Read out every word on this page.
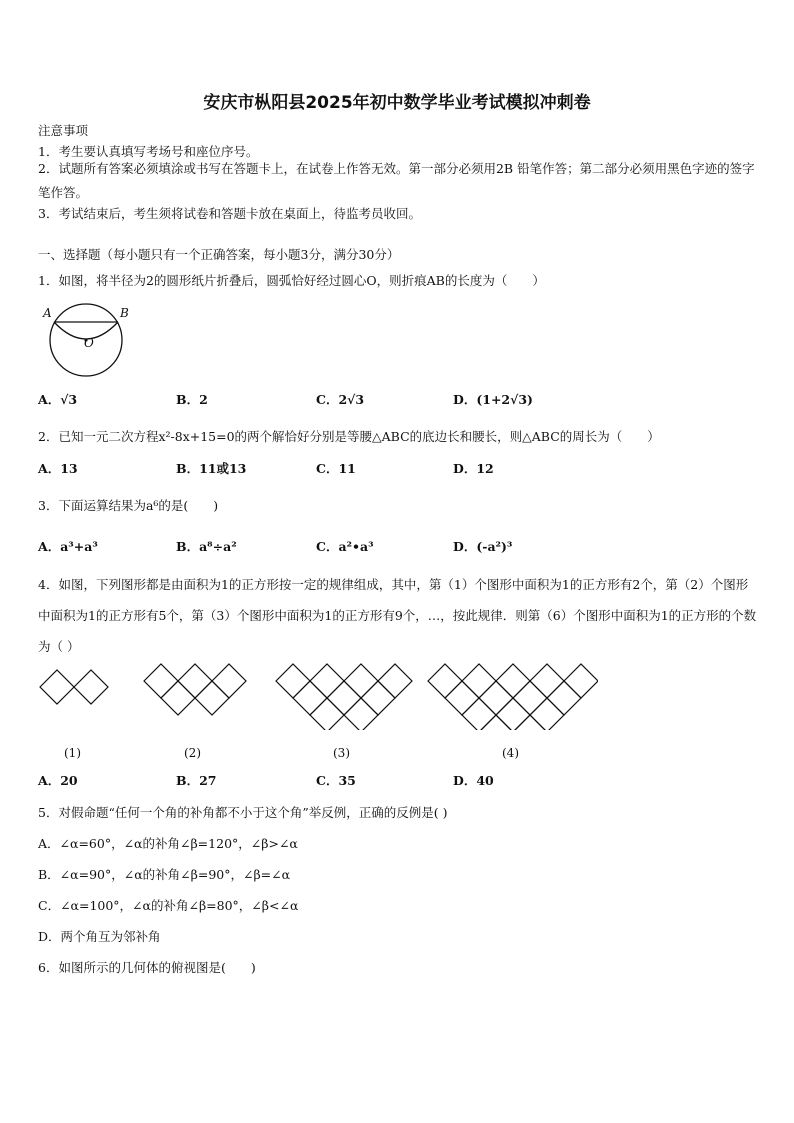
安庆市枞阳县2025年初中数学毕业考试模拟冲刺卷
注意事项
1．考生要认真填写考场号和座位序号。
2．试题所有答案必须填涂或书写在答题卡上，在试卷上作答无效。第一部分必须用2B 铅笔作答；第二部分必须用黑色字迹的签字笔作答。
3．考试结束后，考生须将试卷和答题卡放在桌面上，待监考员收回。
一、选择题（每小题只有一个正确答案，每小题3分，满分30分）
1．如图，将半径为2的圆形纸片折叠后，圆弧恰好经过圆心O，则折痕AB的长度为（　　）
A	B
O
A．√3	B．2	C．2√3	D．(1+2√3)
2．已知一元二次方程x²-8x+15=0的两个解恰好分别是等腰△ABC的底边长和腰长，则△ABC的周长为（　　）
A．13	B．11或13	C．11	D．12
3．下面运算结果为a⁶的是(　　)
A．a³+a³	B．a⁸÷a²	C．a²•a³	D．(-a²)³
4．如图，下列图形都是由面积为1的正方形按一定的规律组成，其中，第（1）个图形中面积为1的正方形有2个，第（2）个图形中面积为1的正方形有5个，第（3）个图形中面积为1的正方形有9个，…，按此规律．则第（6）个图形中面积为1的正方形的个数为（ ）
(1)	(2)	(3)	(4)
A．20	B．27	C．35	D．40
5．对假命题“任何一个角的补角都不小于这个角”举反例，正确的反例是( )
A．∠α=60°，∠α的补角∠β=120°，∠β>∠α
B．∠α=90°，∠α的补角∠β=90°，∠β=∠α
C．∠α=100°，∠α的补角∠β=80°，∠β<∠α
D．两个角互为邻补角
6．如图所示的几何体的俯视图是(　　)
